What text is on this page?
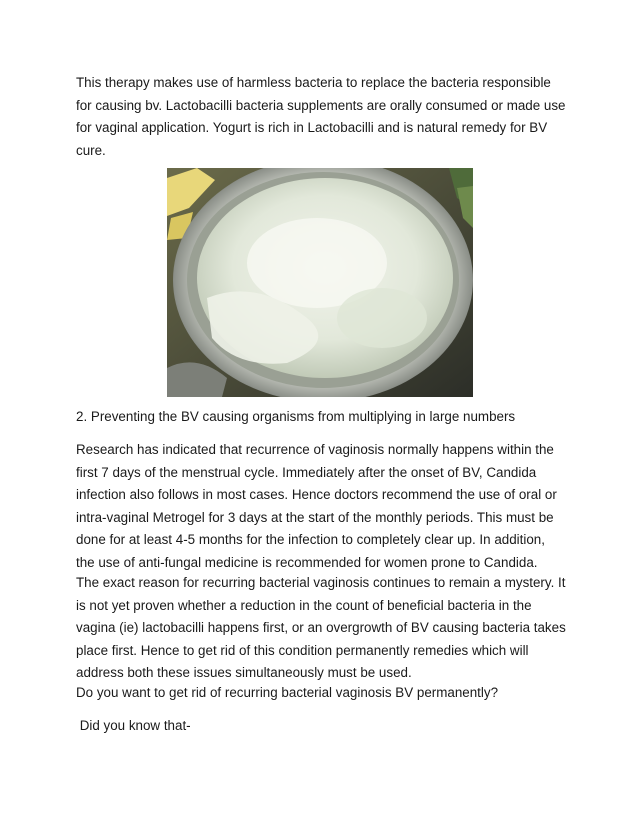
This therapy makes use of harmless bacteria to replace the bacteria responsible for causing bv. Lactobacilli bacteria supplements are orally consumed or made use for vaginal application. Yogurt is rich in Lactobacilli and is natural remedy for BV cure.

2. Preventing the BV causing organisms from multiplying in large numbers

Research has indicated that recurrence of vaginosis normally happens within the first 7 days of the menstrual cycle. Immediately after the onset of BV, Candida infection also follows in most cases. Hence doctors recommend the use of oral or intra-vaginal Metrogel for 3 days at the start of the monthly periods. This must be done for at least 4-5 months for the infection to completely clear up. In addition, the use of anti-fungal medicine is recommended for women prone to Candida.

The exact reason for recurring bacterial vaginosis continues to remain a mystery. It is not yet proven whether a reduction in the count of beneficial bacteria in the vagina (ie) lactobacilli happens first, or an overgrowth of BV causing bacteria takes place first. Hence to get rid of this condition permanently remedies which will address both these issues simultaneously must be used.

Do you want to get rid of recurring bacterial vaginosis BV permanently?

Did you know that-
